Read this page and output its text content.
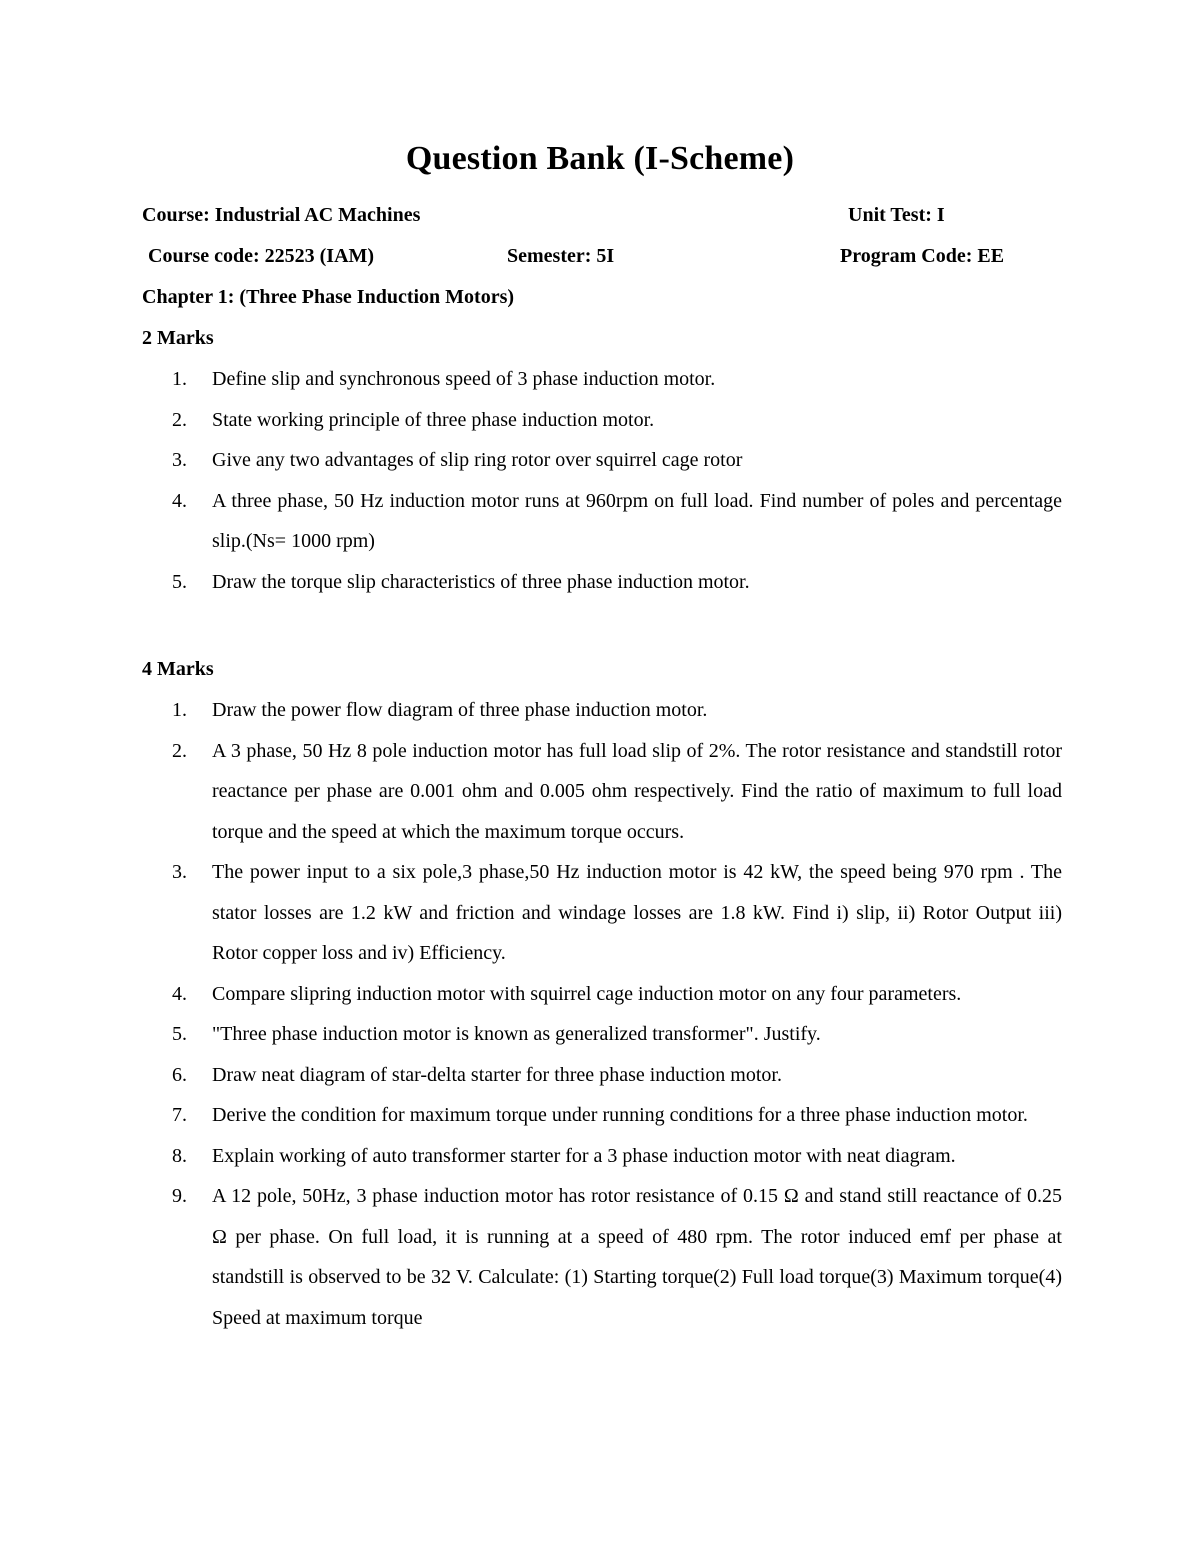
Question Bank (I-Scheme)
Course: Industrial AC Machines	Unit Test: I
Course code: 22523 (IAM)	Semester: 5I	Program Code: EE
Chapter 1: (Three Phase Induction Motors)
2 Marks
1. Define slip and synchronous speed of 3 phase induction motor.
2. State working principle of three phase induction motor.
3. Give any two advantages of slip ring rotor over squirrel cage rotor
4. A three phase, 50 Hz induction motor runs at 960rpm on full load. Find number of poles and percentage slip.(Ns= 1000 rpm)
5. Draw the torque slip characteristics of three phase induction motor.
4 Marks
1. Draw the power flow diagram of three phase induction motor.
2. A 3 phase, 50 Hz 8 pole induction motor has full load slip of 2%. The rotor resistance and standstill rotor reactance per phase are 0.001 ohm and 0.005 ohm respectively. Find the ratio of maximum to full load torque and the speed at which the maximum torque occurs.
3. The power input to a six pole,3 phase,50 Hz induction motor is 42 kW, the speed being 970 rpm . The stator losses are 1.2 kW and friction and windage losses are 1.8 kW. Find i) slip, ii) Rotor Output iii) Rotor copper loss and iv) Efficiency.
4. Compare slipring induction motor with squirrel cage induction motor on any four parameters.
5. "Three phase induction motor is known as generalized transformer". Justify.
6. Draw neat diagram of star-delta starter for three phase induction motor.
7. Derive the condition for maximum torque under running conditions for a three phase induction motor.
8. Explain working of auto transformer starter for a 3 phase induction motor with neat diagram.
9. A 12 pole, 50Hz, 3 phase induction motor has rotor resistance of 0.15 Ω and stand still reactance of 0.25 Ω per phase. On full load, it is running at a speed of 480 rpm. The rotor induced emf per phase at standstill is observed to be 32 V. Calculate: (1) Starting torque(2) Full load torque(3) Maximum torque(4) Speed at maximum torque
